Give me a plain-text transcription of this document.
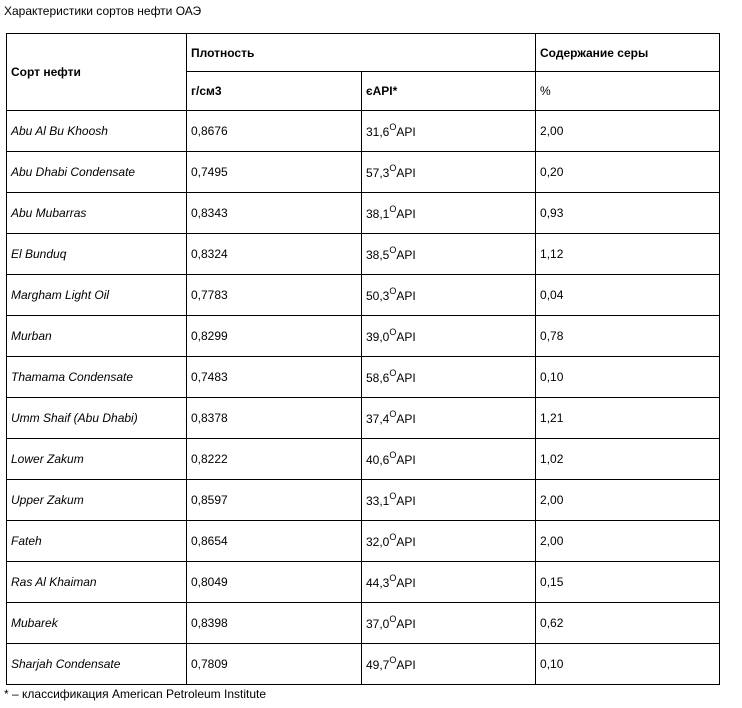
Характеристики сортов нефти ОАЭ
Сорт нефти	Плотность		Содержание серы
	г/см3	єAPI*	%
Abu Al Bu Khoosh	0,8676	$31,6^OAPI$	2,00
Abu Dhabi Condensate	0,7495	$57,3^OAPI$	0,20
Abu Mubarras	0,8343	$38,1^OAPI$	0,93
El Bunduq	0,8324	$38,5^OAPI$	1,12
Margham Light Oil	0,7783	$50,3^OAPI$	0,04
Murban	0,8299	$39,0^OAPI$	0,78
Thamama Condensate	0,7483	$58,6^OAPI$	0,10
Umm Shaif (Abu Dhabi)	0,8378	$37,4^OAPI$	1,21
Lower Zakum	0,8222	$40,6^OAPI$	1,02
Upper Zakum	0,8597	$33,1^OAPI$	2,00
Fateh	0,8654	$32,0^OAPI$	2,00
Ras Al Khaiman	0,8049	$44,3^OAPI$	0,15
Mubarek	0,8398	$37,0^OAPI$	0,62
Sharjah Condensate	0,7809	$49,7^OAPI$	0,10
* – классификация American Petroleum Institute
